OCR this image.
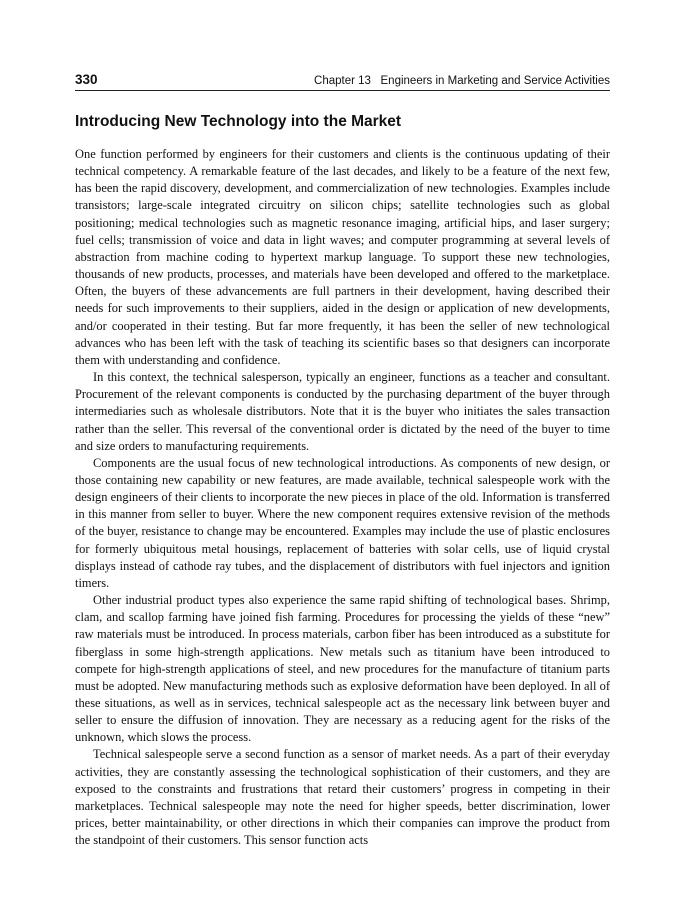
330	Chapter 13   Engineers in Marketing and Service Activities
Introducing New Technology into the Market

One function performed by engineers for their customers and clients is the continuous updating of their technical competency. A remarkable feature of the last decades, and likely to be a feature of the next few, has been the rapid discovery, development, and commercialization of new technologies. Examples include transistors; large-scale integrated circuitry on silicon chips; satellite technologies such as global positioning; medical technologies such as magnetic resonance imaging, artificial hips, and laser surgery; fuel cells; transmission of voice and data in light waves; and computer programming at several levels of abstraction from machine coding to hypertext markup language. To support these new technologies, thousands of new products, processes, and materials have been developed and offered to the marketplace. Often, the buyers of these advancements are full partners in their development, having described their needs for such improvements to their suppliers, aided in the design or application of new developments, and/or cooperated in their testing. But far more frequently, it has been the seller of new technological advances who has been left with the task of teaching its scientific bases so that designers can incorporate them with understanding and confidence.

In this context, the technical salesperson, typically an engineer, functions as a teacher and consultant. Procurement of the relevant components is conducted by the purchasing department of the buyer through intermediaries such as wholesale distributors. Note that it is the buyer who initiates the sales transaction rather than the seller. This reversal of the conventional order is dictated by the need of the buyer to time and size orders to manufacturing requirements.

Components are the usual focus of new technological introductions. As components of new design, or those containing new capability or new features, are made available, technical salespeople work with the design engineers of their clients to incorporate the new pieces in place of the old. Information is transferred in this manner from seller to buyer. Where the new component requires extensive revision of the methods of the buyer, resistance to change may be encountered. Examples may include the use of plastic enclosures for formerly ubiquitous metal housings, replacement of batteries with solar cells, use of liquid crystal displays instead of cathode ray tubes, and the displacement of distributors with fuel injectors and ignition timers.

Other industrial product types also experience the same rapid shifting of technological bases. Shrimp, clam, and scallop farming have joined fish farming. Procedures for processing the yields of these “new” raw materials must be introduced. In process materials, carbon fiber has been introduced as a substitute for fiberglass in some high-strength applications. New metals such as titanium have been introduced to compete for high-strength applications of steel, and new procedures for the manufacture of titanium parts must be adopted. New manufacturing methods such as explosive deformation have been deployed. In all of these situations, as well as in services, technical salespeople act as the necessary link between buyer and seller to ensure the diffusion of innovation. They are necessary as a reducing agent for the risks of the unknown, which slows the process.

Technical salespeople serve a second function as a sensor of market needs. As a part of their everyday activities, they are constantly assessing the technological sophistication of their customers, and they are exposed to the constraints and frustrations that retard their customers’ progress in competing in their marketplaces. Technical salespeople may note the need for higher speeds, better discrimination, lower prices, better maintainability, or other directions in which their companies can improve the product from the standpoint of their customers. This sensor function acts
